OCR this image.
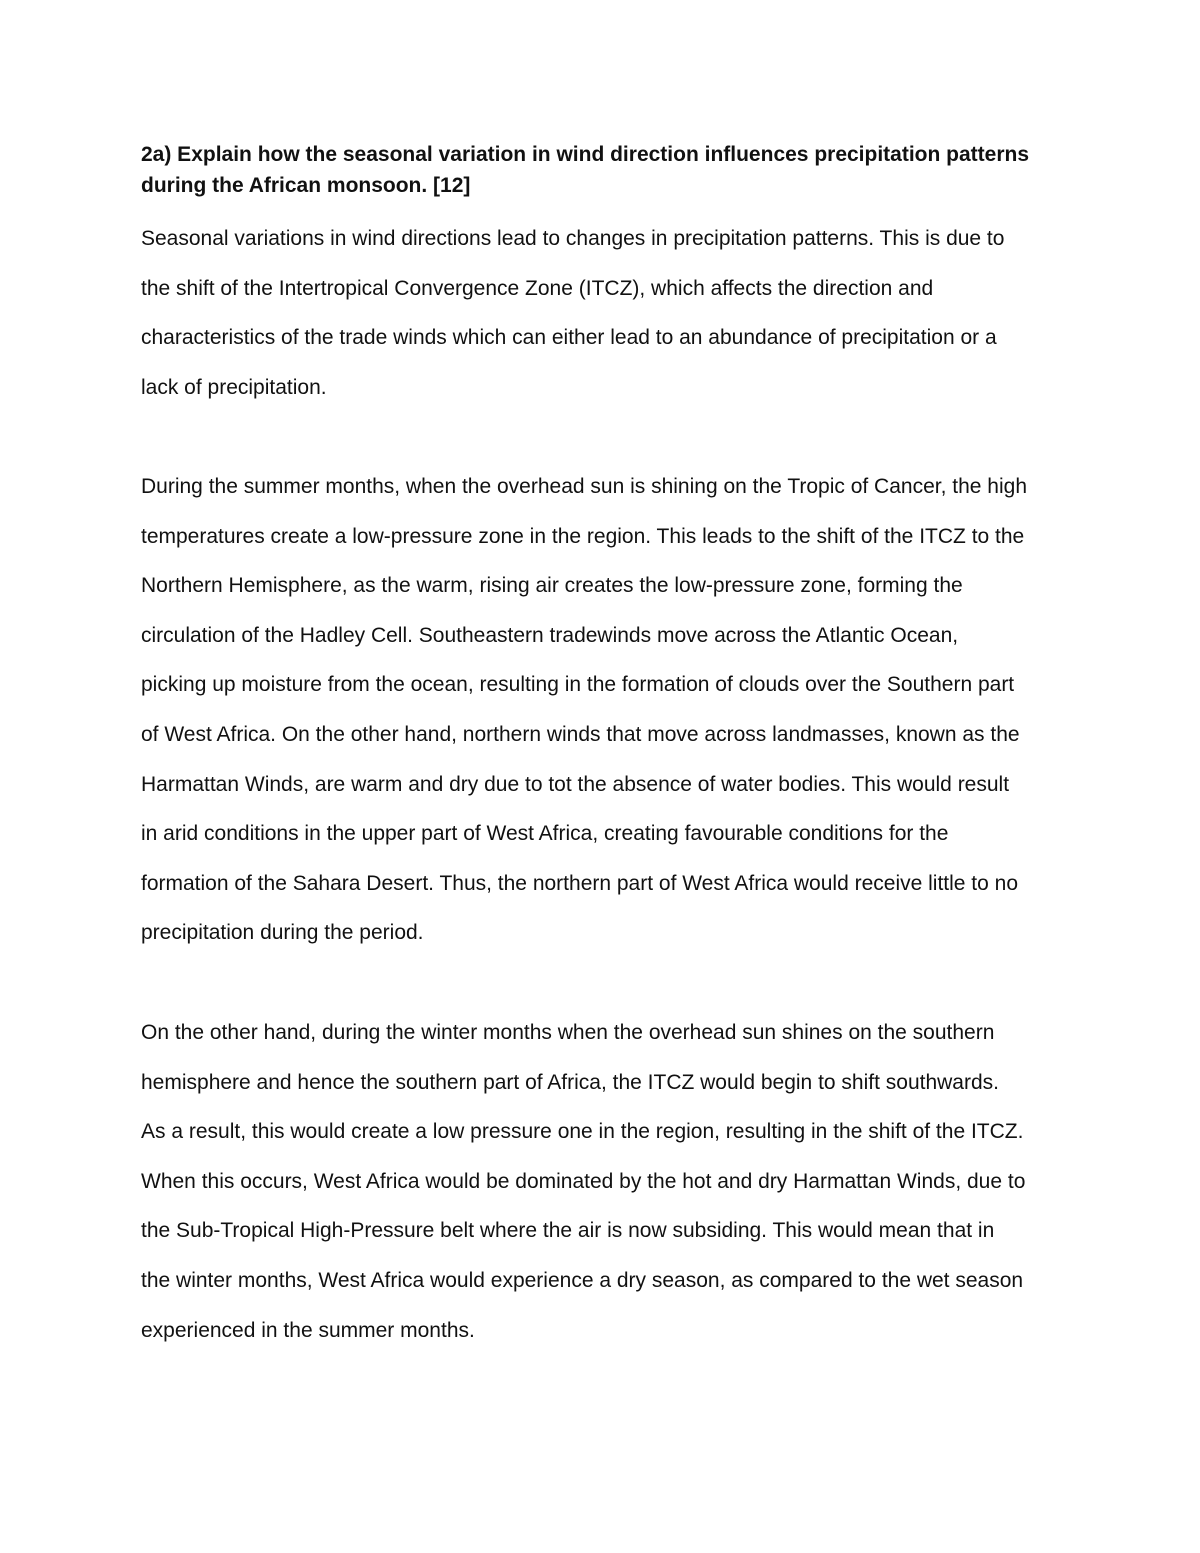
2a) Explain how the seasonal variation in wind direction influences precipitation patterns
during the African monsoon. [12]

Seasonal variations in wind directions lead to changes in precipitation patterns. This is due to
the shift of the Intertropical Convergence Zone (ITCZ), which affects the direction and
characteristics of the trade winds which can either lead to an abundance of precipitation or a
lack of precipitation.

During the summer months, when the overhead sun is shining on the Tropic of Cancer, the high
temperatures create a low-pressure zone in the region. This leads to the shift of the ITCZ to the
Northern Hemisphere, as the warm, rising air creates the low-pressure zone, forming the
circulation of the Hadley Cell. Southeastern tradewinds move across the Atlantic Ocean,
picking up moisture from the ocean, resulting in the formation of clouds over the Southern part
of West Africa. On the other hand, northern winds that move across landmasses, known as the
Harmattan Winds, are warm and dry due to tot the absence of water bodies. This would result
in arid conditions in the upper part of West Africa, creating favourable conditions for the
formation of the Sahara Desert. Thus, the northern part of West Africa would receive little to no
precipitation during the period.

On the other hand, during the winter months when the overhead sun shines on the southern
hemisphere and hence the southern part of Africa, the ITCZ would begin to shift southwards.
As a result, this would create a low pressure one in the region, resulting in the shift of the ITCZ.
When this occurs, West Africa would be dominated by the hot and dry Harmattan Winds, due to
the Sub-Tropical High-Pressure belt where the air is now subsiding. This would mean that in
the winter months, West Africa would experience a dry season, as compared to the wet season
experienced in the summer months.
